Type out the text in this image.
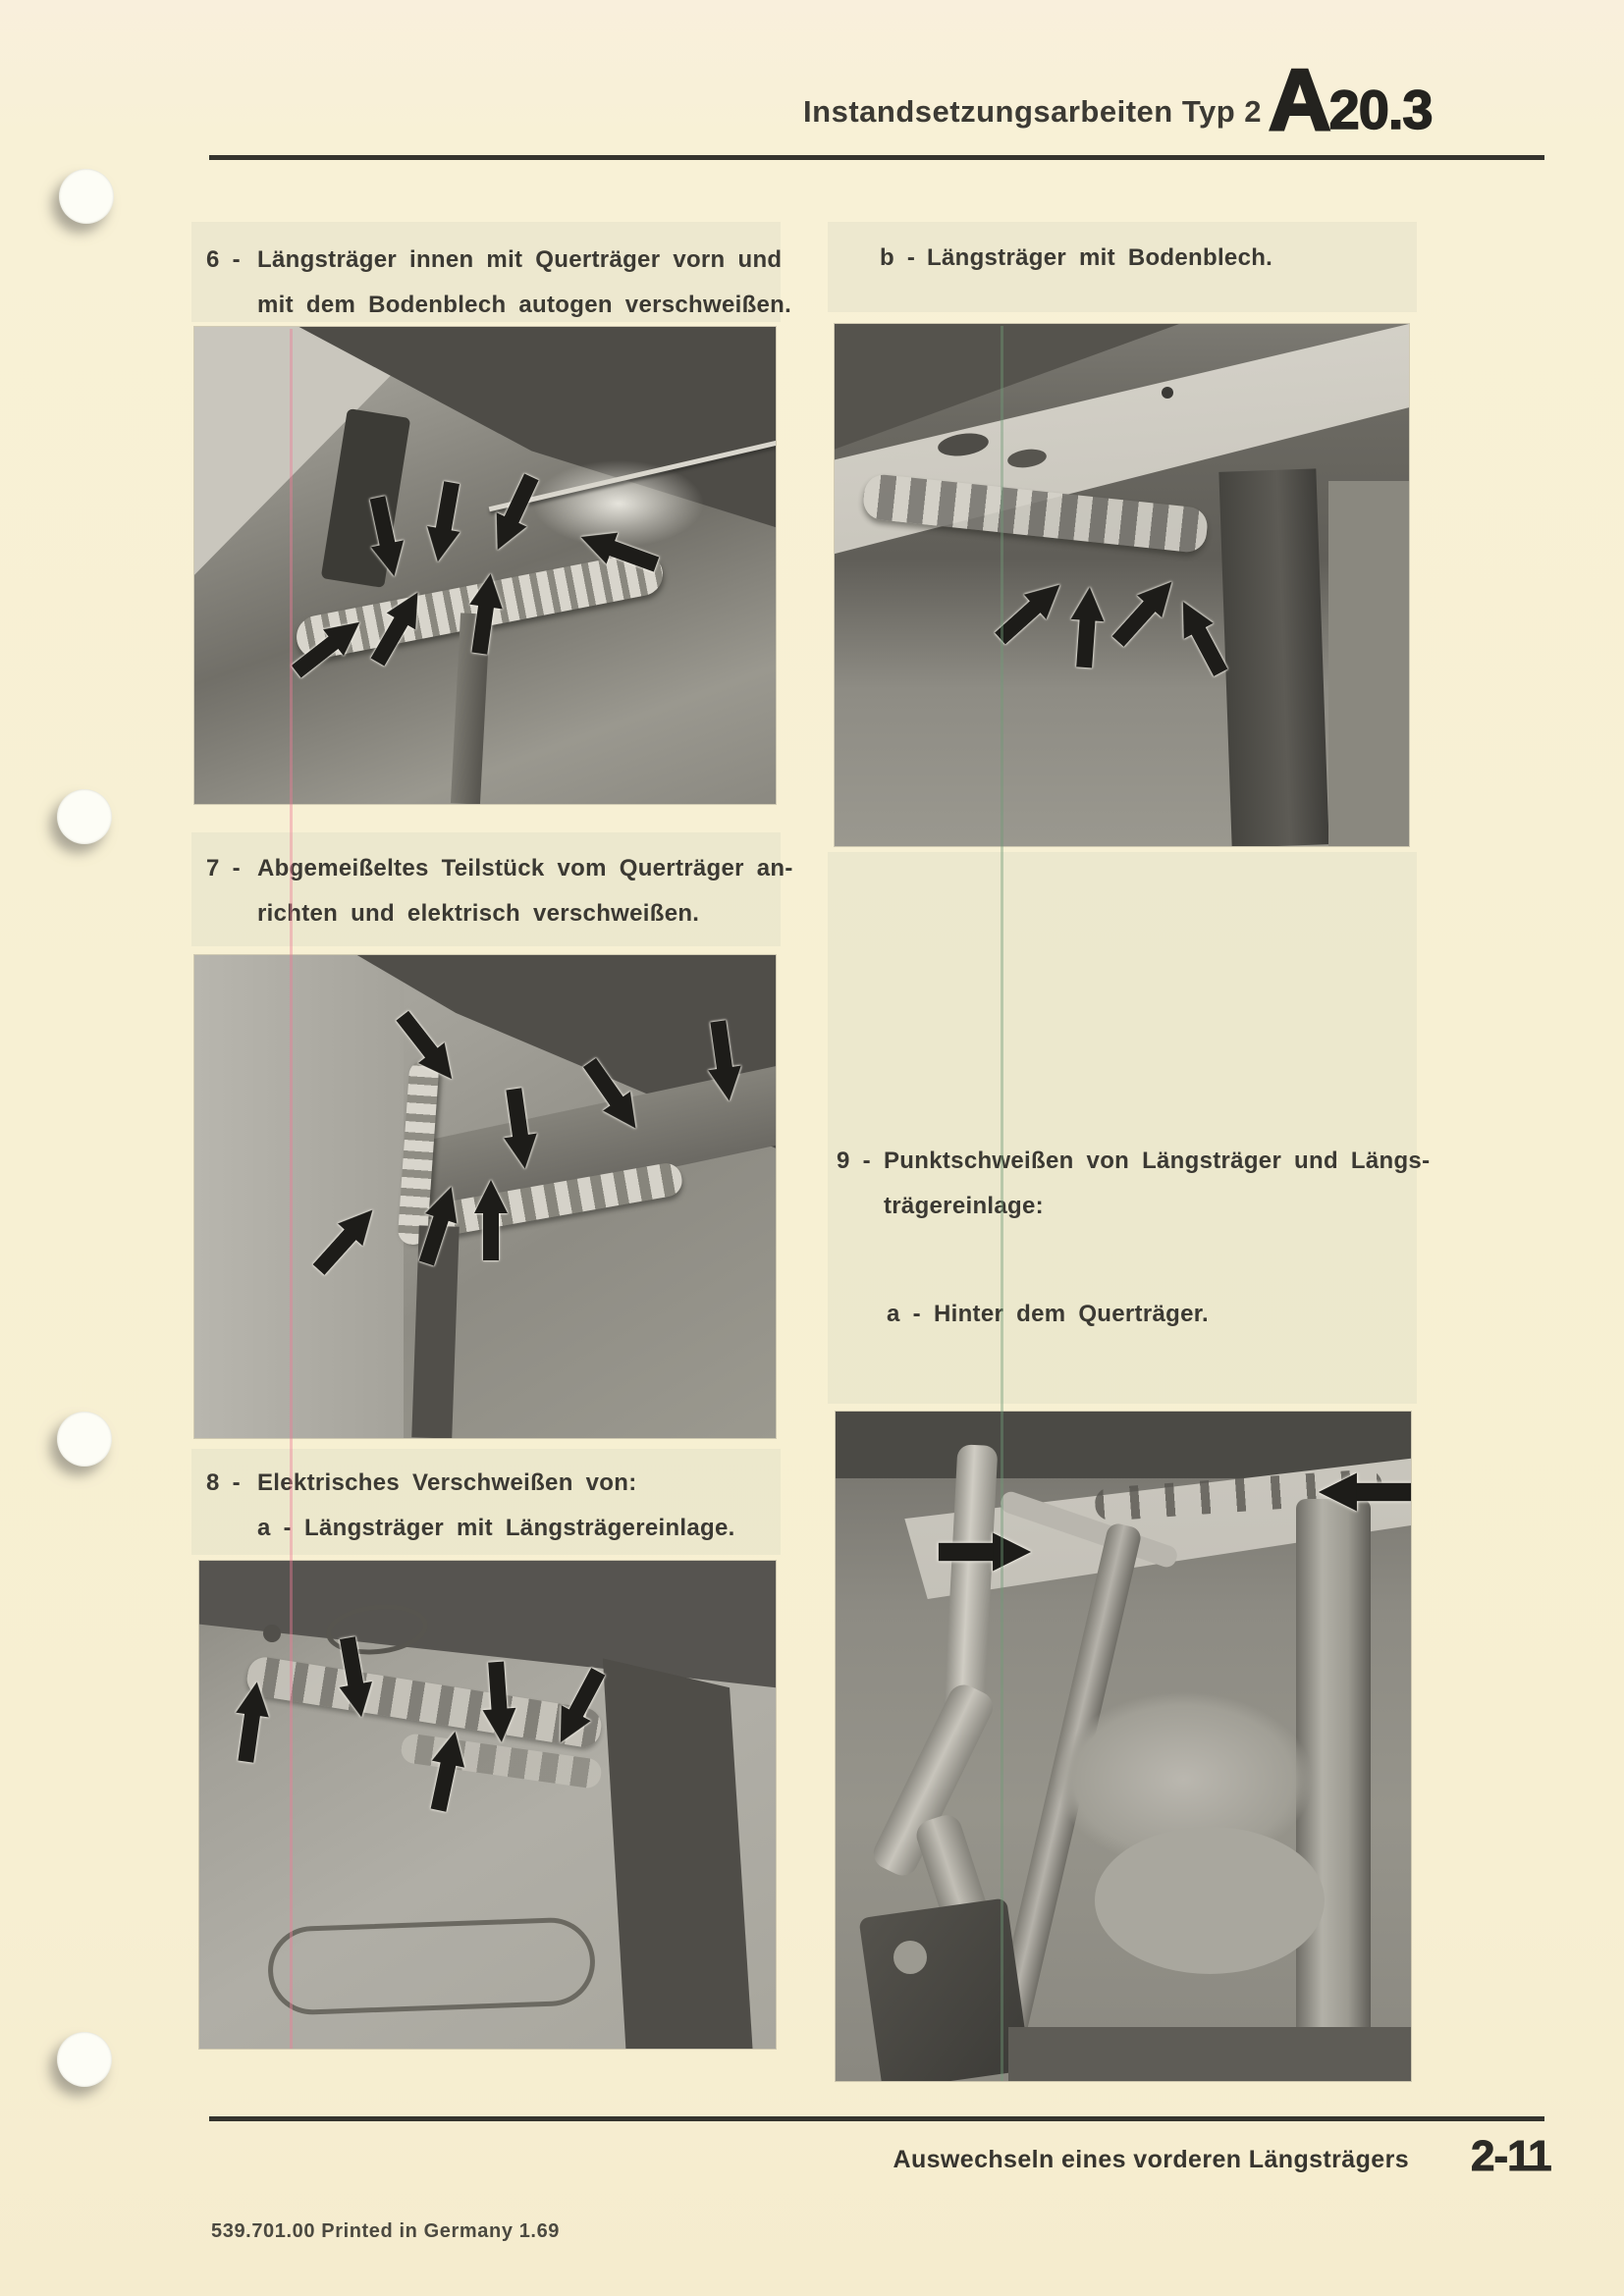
Instandsetzungsarbeiten Typ 2 A 20.3
6 - Längsträger innen mit Querträger vorn und
mit dem Bodenblech autogen verschweißen.
b - Längsträger mit Bodenblech.
7 - Abgemeißeltes Teilstück vom Querträger an-
richten und elektrisch verschweißen.
9 - Punktschweißen von Längsträger und Längs-
trägereinlage:
a - Hinter dem Querträger.
8 - Elektrisches Verschweißen von:
a - Längsträger mit Längsträgereinlage.
Auswechseln eines vorderen Längsträgers 2-11
539.701.00 Printed in Germany 1.69
